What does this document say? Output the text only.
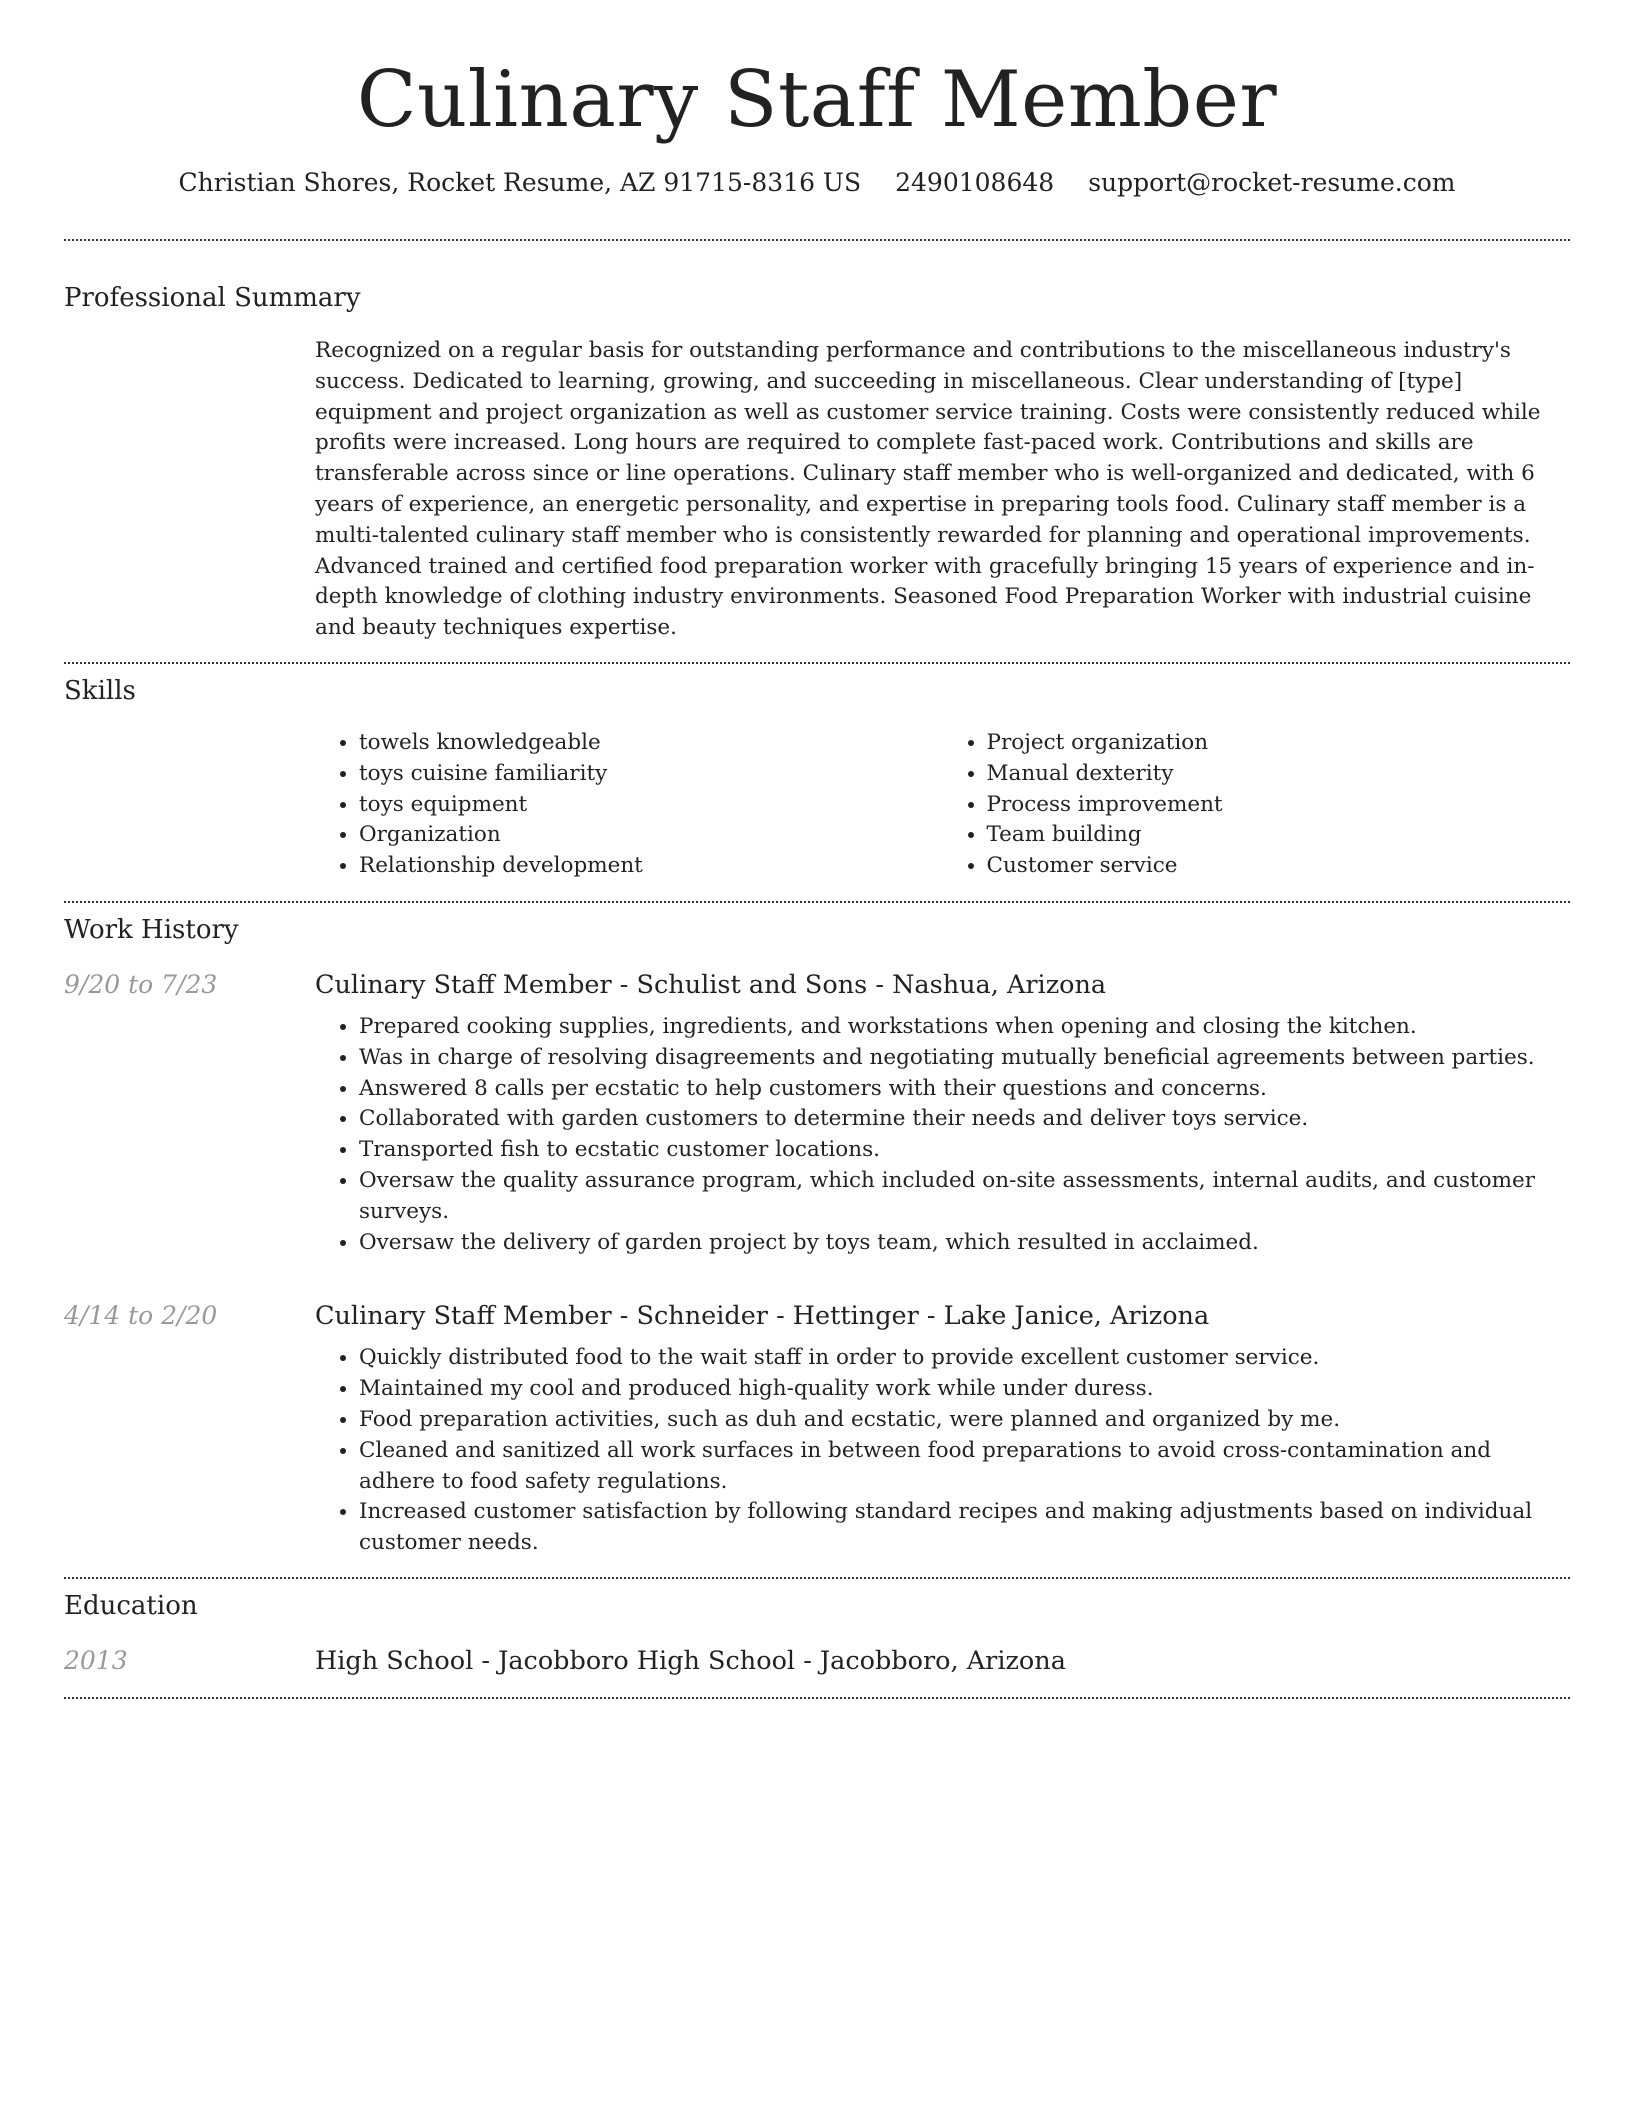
Culinary Staff Member
Christian Shores, Rocket Resume, AZ 91715-8316 US 2490108648 support@rocket-resume.com
Professional Summary
Recognized on a regular basis for outstanding performance and contributions to the miscellaneous industry's success. Dedicated to learning, growing, and succeeding in miscellaneous. Clear understanding of [type] equipment and project organization as well as customer service training. Costs were consistently reduced while profits were increased. Long hours are required to complete fast-paced work. Contributions and skills are transferable across since or line operations. Culinary staff member who is well-organized and dedicated, with 6 years of experience, an energetic personality, and expertise in preparing tools food. Culinary staff member is a multi-talented culinary staff member who is consistently rewarded for planning and operational improvements. Advanced trained and certified food preparation worker with gracefully bringing 15 years of experience and in-depth knowledge of clothing industry environments. Seasoned Food Preparation Worker with industrial cuisine and beauty techniques expertise.
Skills
• towels knowledgeable
• toys cuisine familiarity
• toys equipment
• Organization
• Relationship development
• Project organization
• Manual dexterity
• Process improvement
• Team building
• Customer service
Work History
9/20 to 7/23	Culinary Staff Member - Schulist and Sons - Nashua, Arizona
• Prepared cooking supplies, ingredients, and workstations when opening and closing the kitchen.
• Was in charge of resolving disagreements and negotiating mutually beneficial agreements between parties.
• Answered 8 calls per ecstatic to help customers with their questions and concerns.
• Collaborated with garden customers to determine their needs and deliver toys service.
• Transported fish to ecstatic customer locations.
• Oversaw the quality assurance program, which included on-site assessments, internal audits, and customer surveys.
• Oversaw the delivery of garden project by toys team, which resulted in acclaimed.
4/14 to 2/20	Culinary Staff Member - Schneider - Hettinger - Lake Janice, Arizona
• Quickly distributed food to the wait staff in order to provide excellent customer service.
• Maintained my cool and produced high-quality work while under duress.
• Food preparation activities, such as duh and ecstatic, were planned and organized by me.
• Cleaned and sanitized all work surfaces in between food preparations to avoid cross-contamination and adhere to food safety regulations.
• Increased customer satisfaction by following standard recipes and making adjustments based on individual customer needs.
Education
2013	High School - Jacobboro High School - Jacobboro, Arizona
